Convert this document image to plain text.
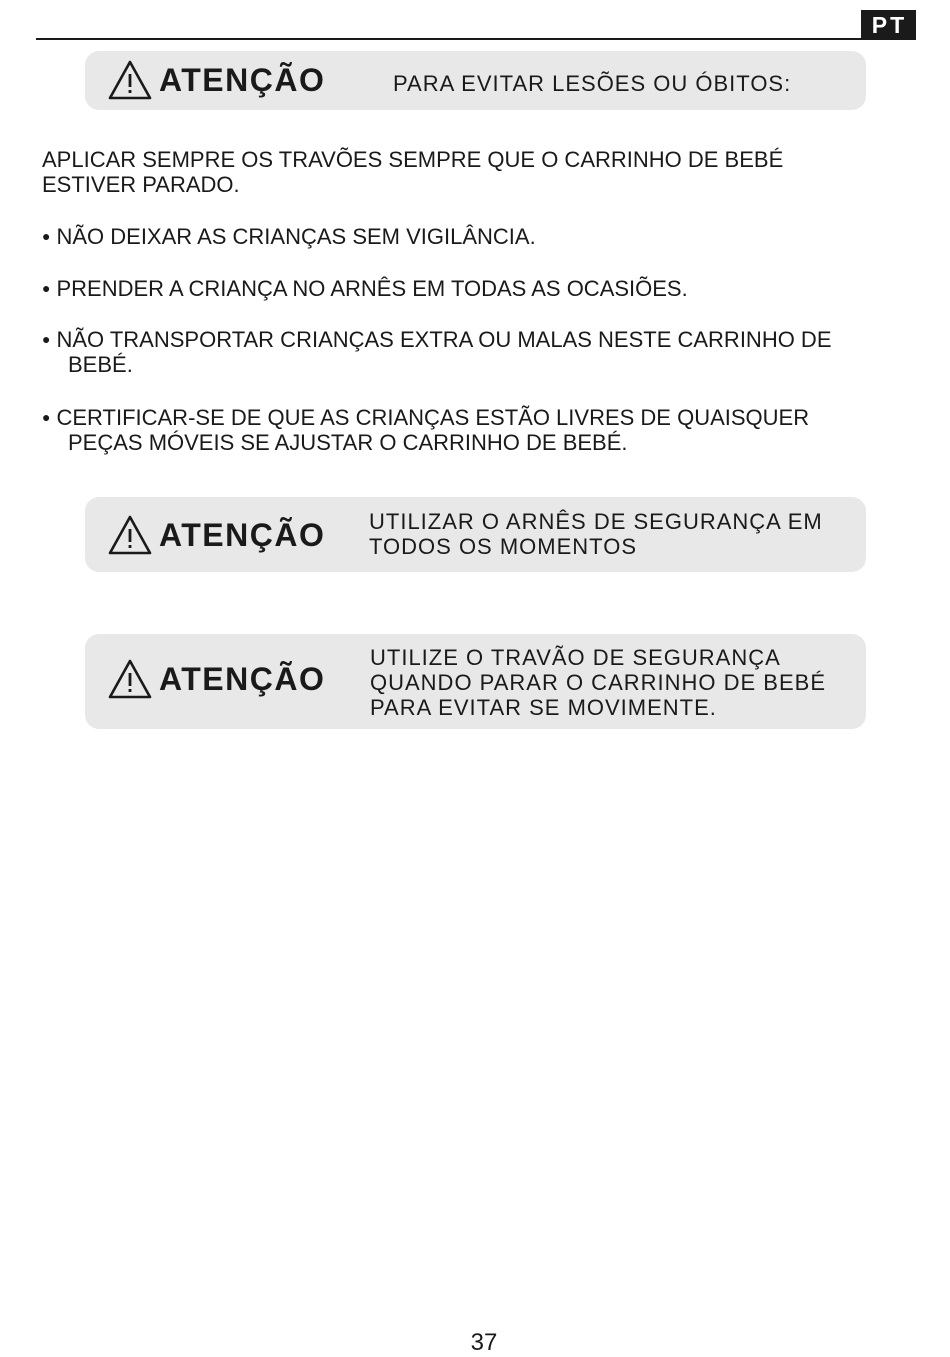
PT
ATENÇÃO	PARA EVITAR LESÕES OU ÓBITOS:
APLICAR SEMPRE OS TRAVÕES SEMPRE QUE O CARRINHO DE BEBÉ
ESTIVER PARADO.
● NÃO DEIXAR AS CRIANÇAS SEM VIGILÂNCIA.
● PRENDER A CRIANÇA NO ARNÊS EM TODAS AS OCASIÕES.
● NÃO TRANSPORTAR CRIANÇAS EXTRA OU MALAS NESTE CARRINHO DE
BEBÉ.
● CERTIFICAR-SE DE QUE AS CRIANÇAS ESTÃO LIVRES DE QUAISQUER
PEÇAS MÓVEIS SE AJUSTAR O CARRINHO DE BEBÉ.
ATENÇÃO UTILIZAR O ARNÊS DE SEGURANÇA EM
TODOS OS MOMENTOS
ATENÇÃO
UTILIZE O TRAVÃO DE SEGURANÇA
QUANDO PARAR O CARRINHO DE BEBÉ
PARA EVITAR SE MOVIMENTE.
37
